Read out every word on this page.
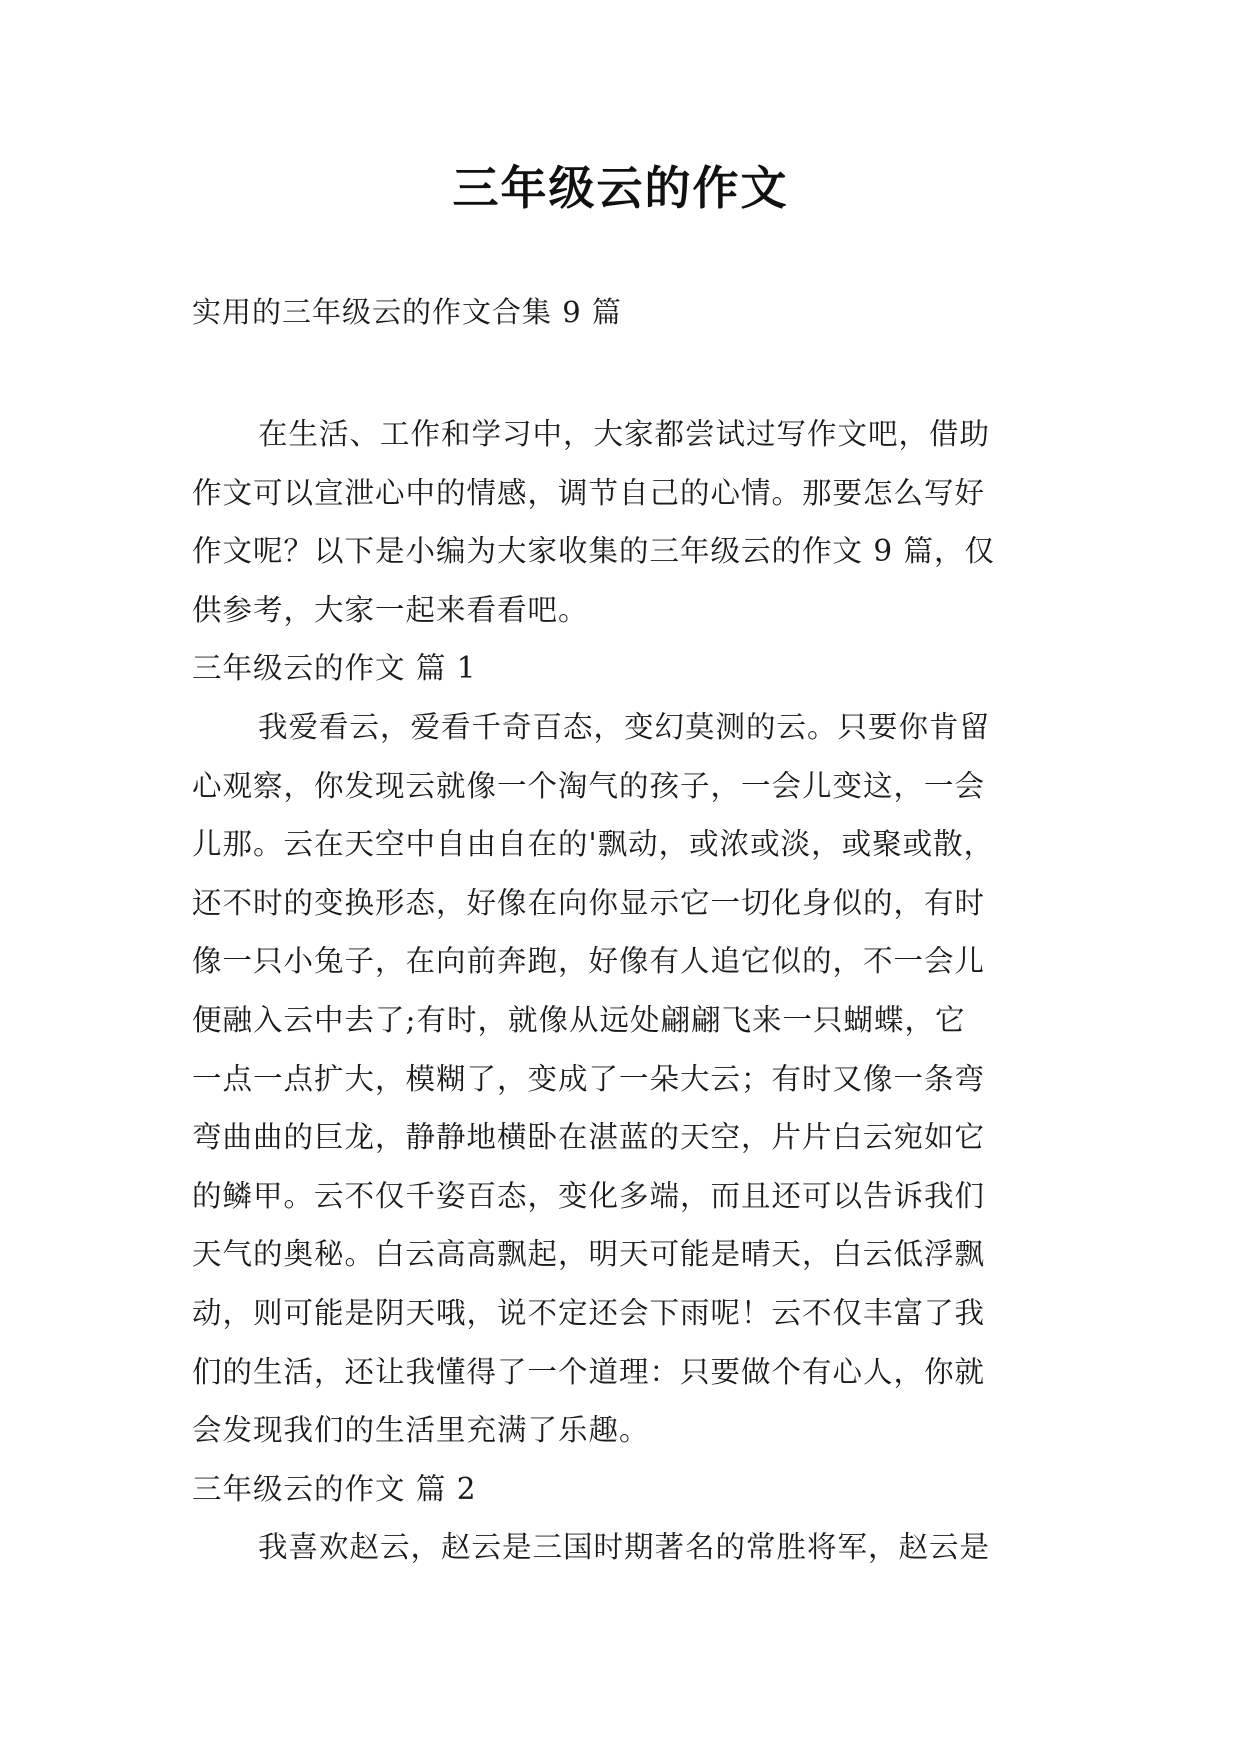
三年级云的作文
实用的三年级云的作文合集 9 篇
在生活、工作和学习中，大家都尝试过写作文吧，借助
作文可以宣泄心中的情感，调节自己的心情。那要怎么写好
作文呢？以下是小编为大家收集的三年级云的作文 9 篇，仅
供参考，大家一起来看看吧。
三年级云的作文 篇 1
我爱看云，爱看千奇百态，变幻莫测的云。只要你肯留
心观察，你发现云就像一个淘气的孩子，一会儿变这，一会
儿那。云在天空中自由自在的'飘动，或浓或淡，或聚或散，
还不时的变换形态，好像在向你显示它一切化身似的，有时
像一只小兔子，在向前奔跑，好像有人追它似的，不一会儿
便融入云中去了;有时，就像从远处翩翩飞来一只蝴蝶，它
一点一点扩大，模糊了，变成了一朵大云；有时又像一条弯
弯曲曲的巨龙，静静地横卧在湛蓝的天空，片片白云宛如它
的鳞甲。云不仅千姿百态，变化多端，而且还可以告诉我们
天气的奥秘。白云高高飘起，明天可能是晴天，白云低浮飘
动，则可能是阴天哦，说不定还会下雨呢！云不仅丰富了我
们的生活，还让我懂得了一个道理：只要做个有心人，你就
会发现我们的生活里充满了乐趣。
三年级云的作文 篇 2
我喜欢赵云，赵云是三国时期著名的常胜将军，赵云是
